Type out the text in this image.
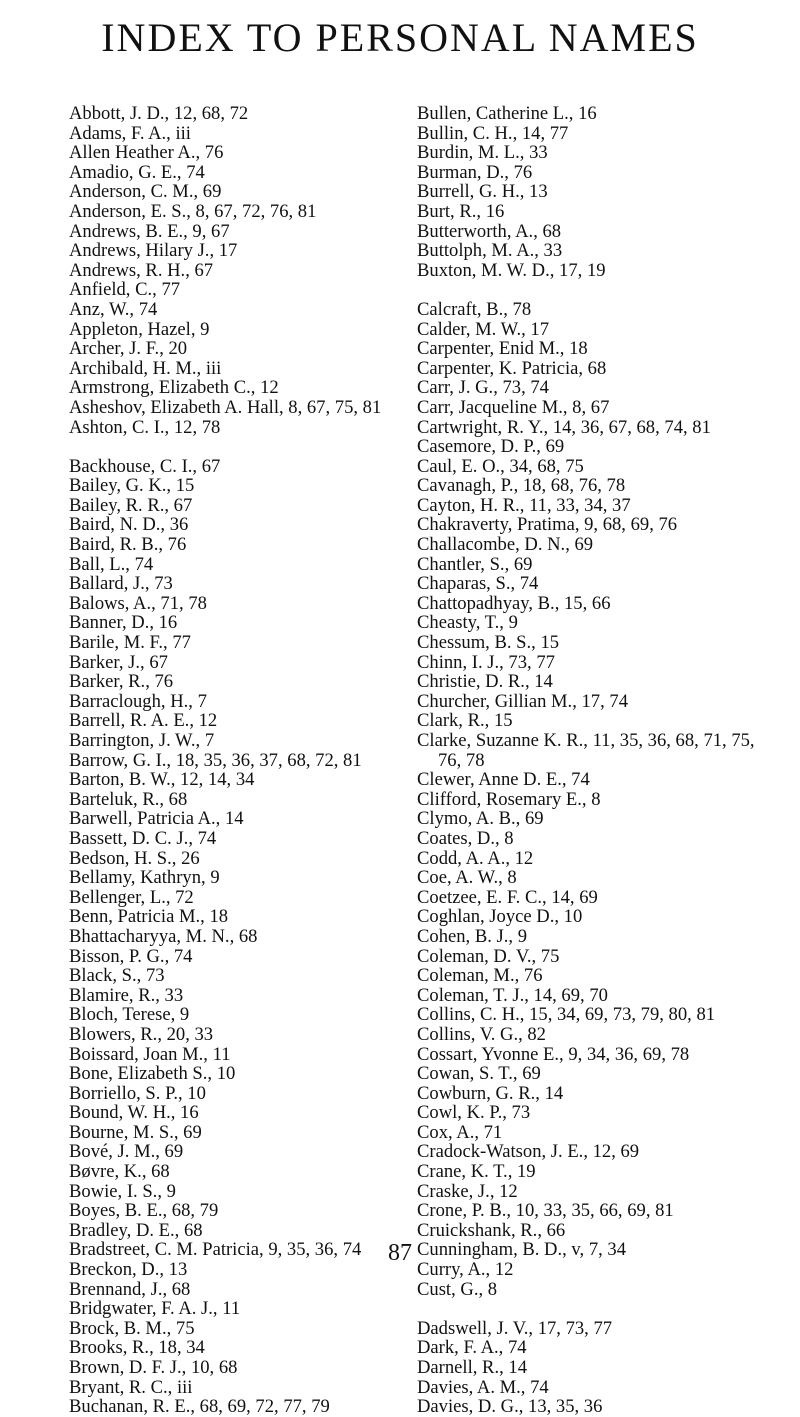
INDEX TO PERSONAL NAMES
Abbott, J. D., 12, 68, 72
Adams, F. A., iii
Allen Heather A., 76
Amadio, G. E., 74
Anderson, C. M., 69
Anderson, E. S., 8, 67, 72, 76, 81
Andrews, B. E., 9, 67
Andrews, Hilary J., 17
Andrews, R. H., 67
Anfield, C., 77
Anz, W., 74
Appleton, Hazel, 9
Archer, J. F., 20
Archibald, H. M., iii
Armstrong, Elizabeth C., 12
Asheshov, Elizabeth A. Hall, 8, 67, 75, 81
Ashton, C. I., 12, 78
Backhouse, C. I., 67
Bailey, G. K., 15
Bailey, R. R., 67
Baird, N. D., 36
Baird, R. B., 76
Ball, L., 74
Ballard, J., 73
Balows, A., 71, 78
Banner, D., 16
Barile, M. F., 77
Barker, J., 67
Barker, R., 76
Barraclough, H., 7
Barrell, R. A. E., 12
Barrington, J. W., 7
Barrow, G. I., 18, 35, 36, 37, 68, 72, 81
Barton, B. W., 12, 14, 34
Barteluk, R., 68
Barwell, Patricia A., 14
Bassett, D. C. J., 74
Bedson, H. S., 26
Bellamy, Kathryn, 9
Bellenger, L., 72
Benn, Patricia M., 18
Bhattacharyya, M. N., 68
Bisson, P. G., 74
Black, S., 73
Blamire, R., 33
Bloch, Terese, 9
Blowers, R., 20, 33
Boissard, Joan M., 11
Bone, Elizabeth S., 10
Borriello, S. P., 10
Bound, W. H., 16
Bourne, M. S., 69
Bové, J. M., 69
Bøvre, K., 68
Bowie, I. S., 9
Boyes, B. E., 68, 79
Bradley, D. E., 68
Bradstreet, C. M. Patricia, 9, 35, 36, 74
Breckon, D., 13
Brennand, J., 68
Bridgwater, F. A. J., 11
Brock, B. M., 75
Brooks, R., 18, 34
Brown, D. F. J., 10, 68
Bryant, R. C., iii
Buchanan, R. E., 68, 69, 72, 77, 79
Bullen, Catherine L., 16
Bullin, C. H., 14, 77
Burdin, M. L., 33
Burman, D., 76
Burrell, G. H., 13
Burt, R., 16
Butterworth, A., 68
Buttolph, M. A., 33
Buxton, M. W. D., 17, 19
Calcraft, B., 78
Calder, M. W., 17
Carpenter, Enid M., 18
Carpenter, K. Patricia, 68
Carr, J. G., 73, 74
Carr, Jacqueline M., 8, 67
Cartwright, R. Y., 14, 36, 67, 68, 74, 81
Casemore, D. P., 69
Caul, E. O., 34, 68, 75
Cavanagh, P., 18, 68, 76, 78
Cayton, H. R., 11, 33, 34, 37
Chakraverty, Pratima, 9, 68, 69, 76
Challacombe, D. N., 69
Chantler, S., 69
Chaparas, S., 74
Chattopadhyay, B., 15, 66
Cheasty, T., 9
Chessum, B. S., 15
Chinn, I. J., 73, 77
Christie, D. R., 14
Churcher, Gillian M., 17, 74
Clark, R., 15
Clarke, Suzanne K. R., 11, 35, 36, 68, 71, 75,
76, 78
Clewer, Anne D. E., 74
Clifford, Rosemary E., 8
Clymo, A. B., 69
Coates, D., 8
Codd, A. A., 12
Coe, A. W., 8
Coetzee, E. F. C., 14, 69
Coghlan, Joyce D., 10
Cohen, B. J., 9
Coleman, D. V., 75
Coleman, M., 76
Coleman, T. J., 14, 69, 70
Collins, C. H., 15, 34, 69, 73, 79, 80, 81
Collins, V. G., 82
Cossart, Yvonne E., 9, 34, 36, 69, 78
Cowan, S. T., 69
Cowburn, G. R., 14
Cowl, K. P., 73
Cox, A., 71
Cradock-Watson, J. E., 12, 69
Crane, K. T., 19
Craske, J., 12
Crone, P. B., 10, 33, 35, 66, 69, 81
Cruickshank, R., 66
Cunningham, B. D., v, 7, 34
Curry, A., 12
Cust, G., 8
Dadswell, J. V., 17, 73, 77
Dark, F. A., 74
Darnell, R., 14
Davies, A. M., 74
Davies, D. G., 13, 35, 36

87
